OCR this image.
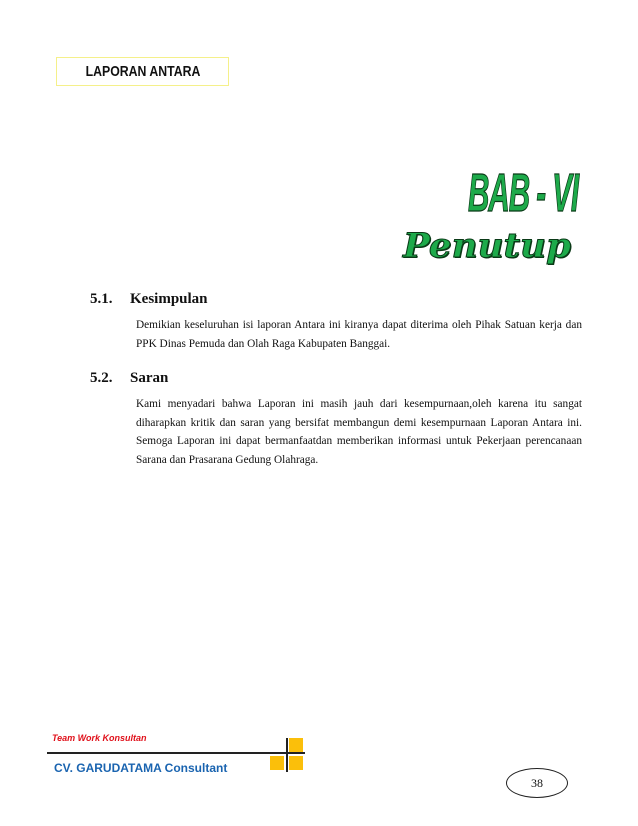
LAPORAN ANTARA
BAB - VI
Penutup
5.1. Kesimpulan
Demikian keseluruhan isi laporan Antara ini kiranya dapat diterima oleh Pihak Satuan kerja dan PPK Dinas Pemuda dan Olah Raga Kabupaten Banggai.
5.2. Saran
Kami menyadari bahwa Laporan ini masih jauh dari kesempurnaan,oleh karena itu sangat diharapkan kritik dan saran yang bersifat membangun demi kesempurnaan Laporan Antara ini. Semoga Laporan ini dapat bermanfaatdan memberikan informasi untuk Pekerjaan perencanaan Sarana dan Prasarana Gedung Olahraga.
Team Work Konsultan
CV. GARUDATAMA Consultant
38
